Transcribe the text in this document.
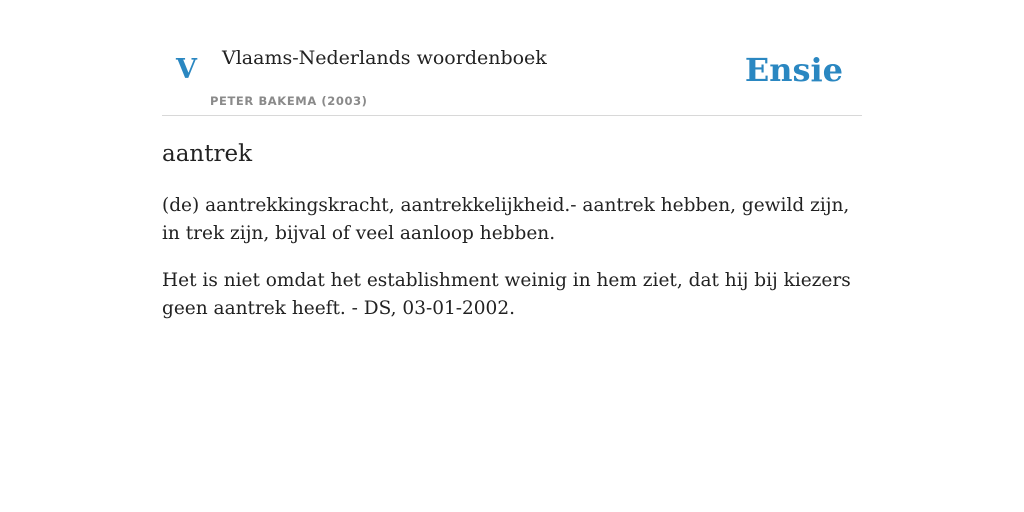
V Vlaams-Nederlands woordenboek
PETER BAKEMA (2003)
Ensie
aantrek

(de) aantrekkingskracht, aantrekkelijkheid.- aantrek hebben, gewild zijn, in trek zijn, bijval of veel aanloop hebben.

Het is niet omdat het establishment weinig in hem ziet, dat hij bij kiezers geen aantrek heeft. - DS, 03-01-2002.
